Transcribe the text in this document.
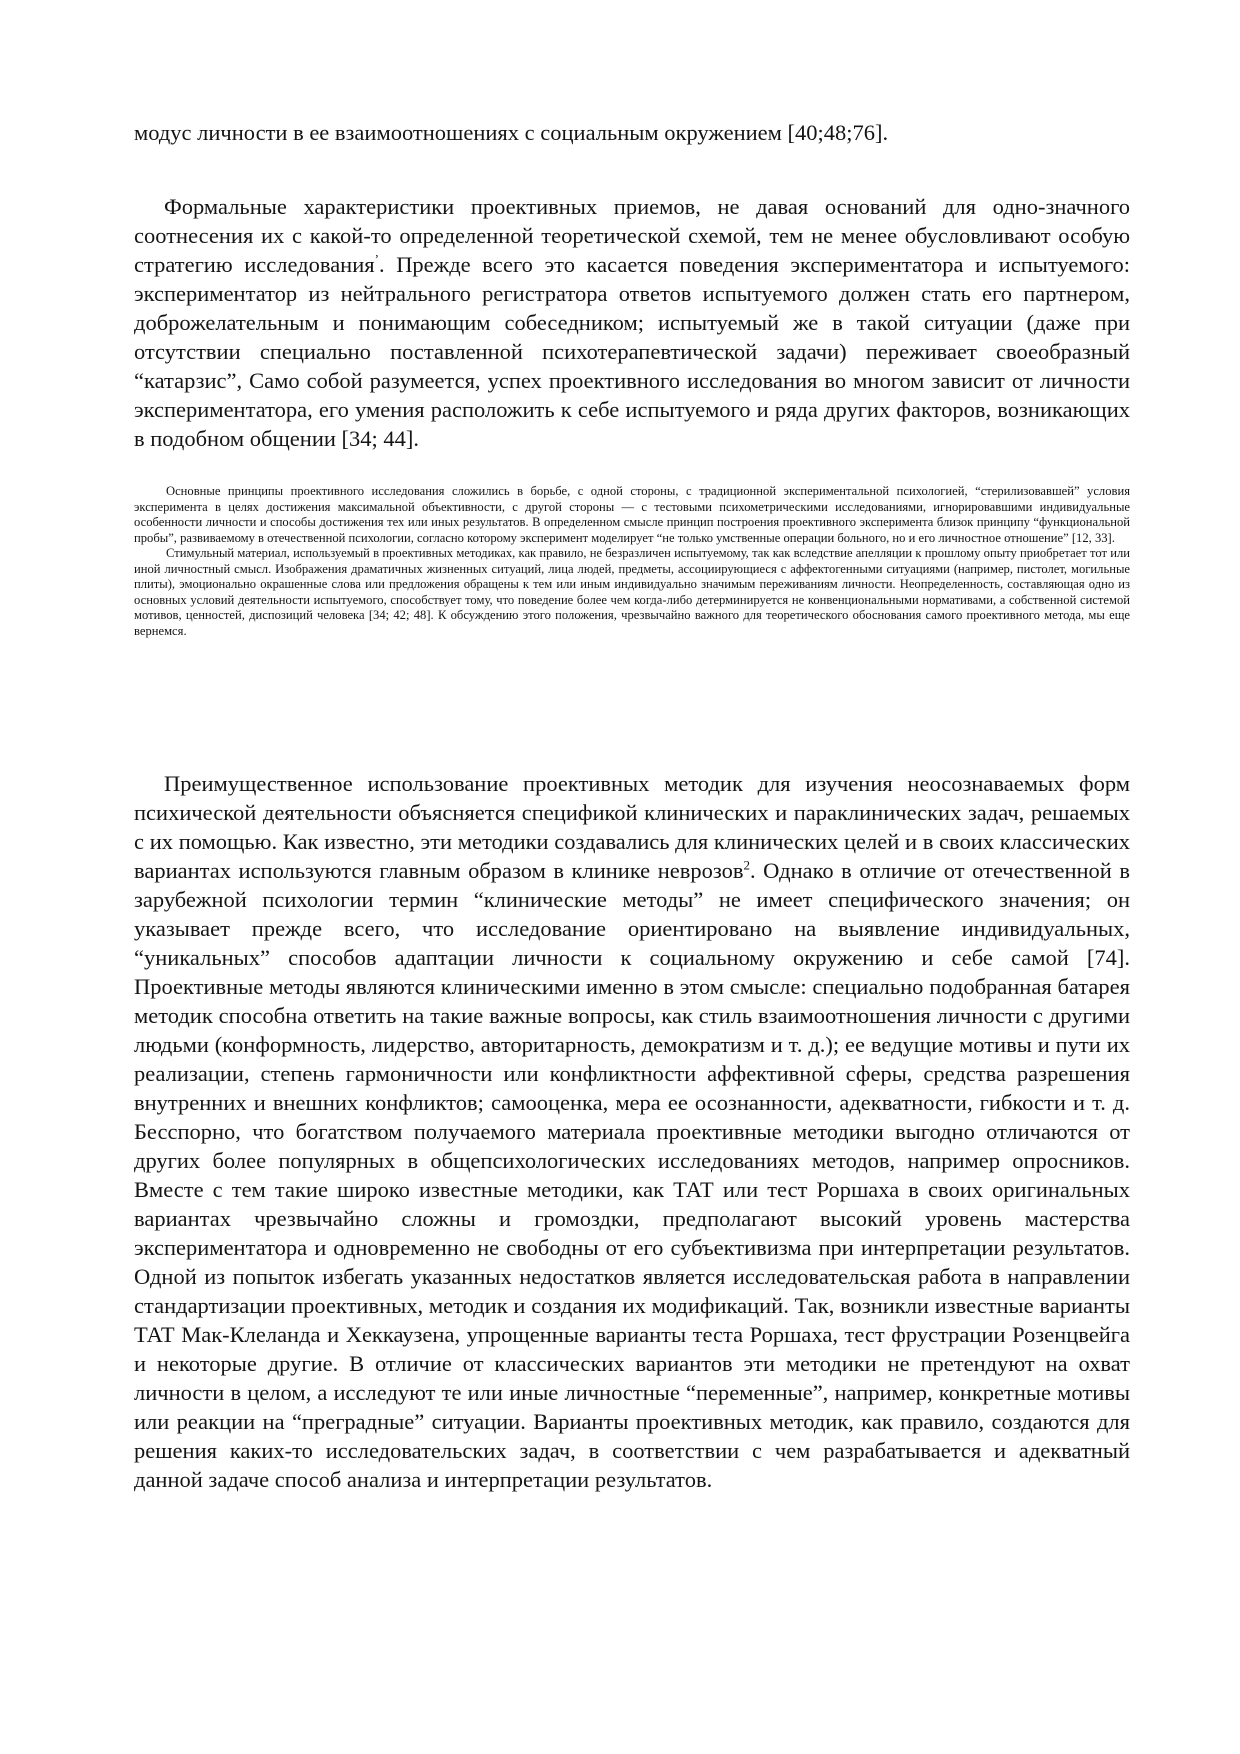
модус личности в ее взаимоотношениях с социальным окружением [40;48;76].

Формальные характеристики проективных приемов, не давая оснований для одно-значного соотнесения их с какой-то определенной теоретической схемой, тем не менее обусловливают особую стратегию исследования’. Прежде всего это касается поведения экспериментатора и испытуемого: экспериментатор из нейтрального регистратора ответов испытуемого должен стать его партнером, доброжелательным и понимающим собеседником; испытуемый же в такой ситуации (даже при отсутствии специально поставленной психотерапевтической задачи) переживает своеобразный “катарзис”, Само собой разумеется, успех проективного исследования во многом зависит от личности экспериментатора, его умения расположить к себе испытуемого и ряда других факторов, возникающих в подобном общении [34; 44].

Основные принципы проективного исследования сложились в борьбе, с одной стороны, с традиционной экспериментальной психологией, “стерилизовавшей” условия эксперимента в целях достижения максимальной объективности, с другой стороны — с тестовыми психометрическими исследованиями, игнорировавшими индивидуальные особенности личности и способы достижения тех или иных результатов. В определенном смысле принцип построения проективного эксперимента близок принципу “функциональной пробы”, развиваемому в отечественной психологии, согласно которому эксперимент моделирует “не только умственные операции больного, но и его личностное отношение” [12, 33].

Стимульный материал, используемый в проективных методиках, как правило, не безразличен испытуемому, так как вследствие апелляции к прошлому опыту приобретает тот или иной личностный смысл. Изображения драматичных жизненных ситуаций, лица людей, предметы, ассоциирующиеся с аффектогенными ситуациями (например, пистолет, могильные плиты), эмоционально окрашенные слова или предложения обращены к тем или иным индивидуально значимым переживаниям личности. Неопределенность, составляющая одно из основных условий деятельности испытуемого, способствует тому, что поведение более чем когда-либо детерминируется не конвенциональными нормативами, а собственной системой мотивов, ценностей, диспозиций человека [34; 42; 48]. К обсуждению этого положения, чрезвычайно важного для теоретического обоснования самого проективного метода, мы еще вернемся.

Преимущественное использование проективных методик для изучения неосознаваемых форм психической деятельности объясняется спецификой клинических и параклинических задач, решаемых с их помощью. Как известно, эти методики создавались для клинических целей и в своих классических вариантах используются главным образом в клинике неврозов$^2$. Однако в отличие от отечественной в зарубежной психологии термин “клинические методы” не имеет специфического значения; он указывает прежде всего, что исследование ориентировано на выявление индивидуальных, “уникальных” способов адаптации личности к социальному окружению и себе самой [74]. Проективные методы являются клиническими именно в этом смысле: специально подобранная батарея методик способна ответить на такие важные вопросы, как стиль взаимоотношения личности с другими людьми (конформность, лидерство, авторитарность, демократизм и т. д.); ее ведущие мотивы и пути их реализации, степень гармоничности или конфликтности аффективной сферы, средства разрешения внутренних и внешних конфликтов; самооценка, мера ее осознанности, адекватности, гибкости и т. д. Бесспорно, что богатством получаемого материала проективные методики выгодно отличаются от других более популярных в общепсихологических исследованиях методов, например опросников. Вместе с тем такие широко известные методики, как ТАТ или тест Роршаха в своих оригинальных вариантах чрезвычайно сложны и громоздки, предполагают высокий уровень мастерства экспериментатора и одновременно не свободны от его субъективизма при интерпретации результатов. Одной из попыток избегать указанных недостатков является исследовательская работа в направлении стандартизации проективных, методик и создания их модификаций. Так, возникли известные варианты ТАТ Мак-Клеланда и Хеккаузена, упрощенные варианты теста Роршаха, тест фрустрации Розенцвейга и некоторые другие. В отличие от классических вариантов эти методики не претендуют на охват личности в целом, а исследуют те или иные личностные “переменные”, например, конкретные мотивы или реакции на “преградные” ситуации. Варианты проективных методик, как правило, создаются для решения каких-то исследовательских задач, в соответствии с чем разрабатывается и адекватный данной задаче способ анализа и интерпретации результатов.
